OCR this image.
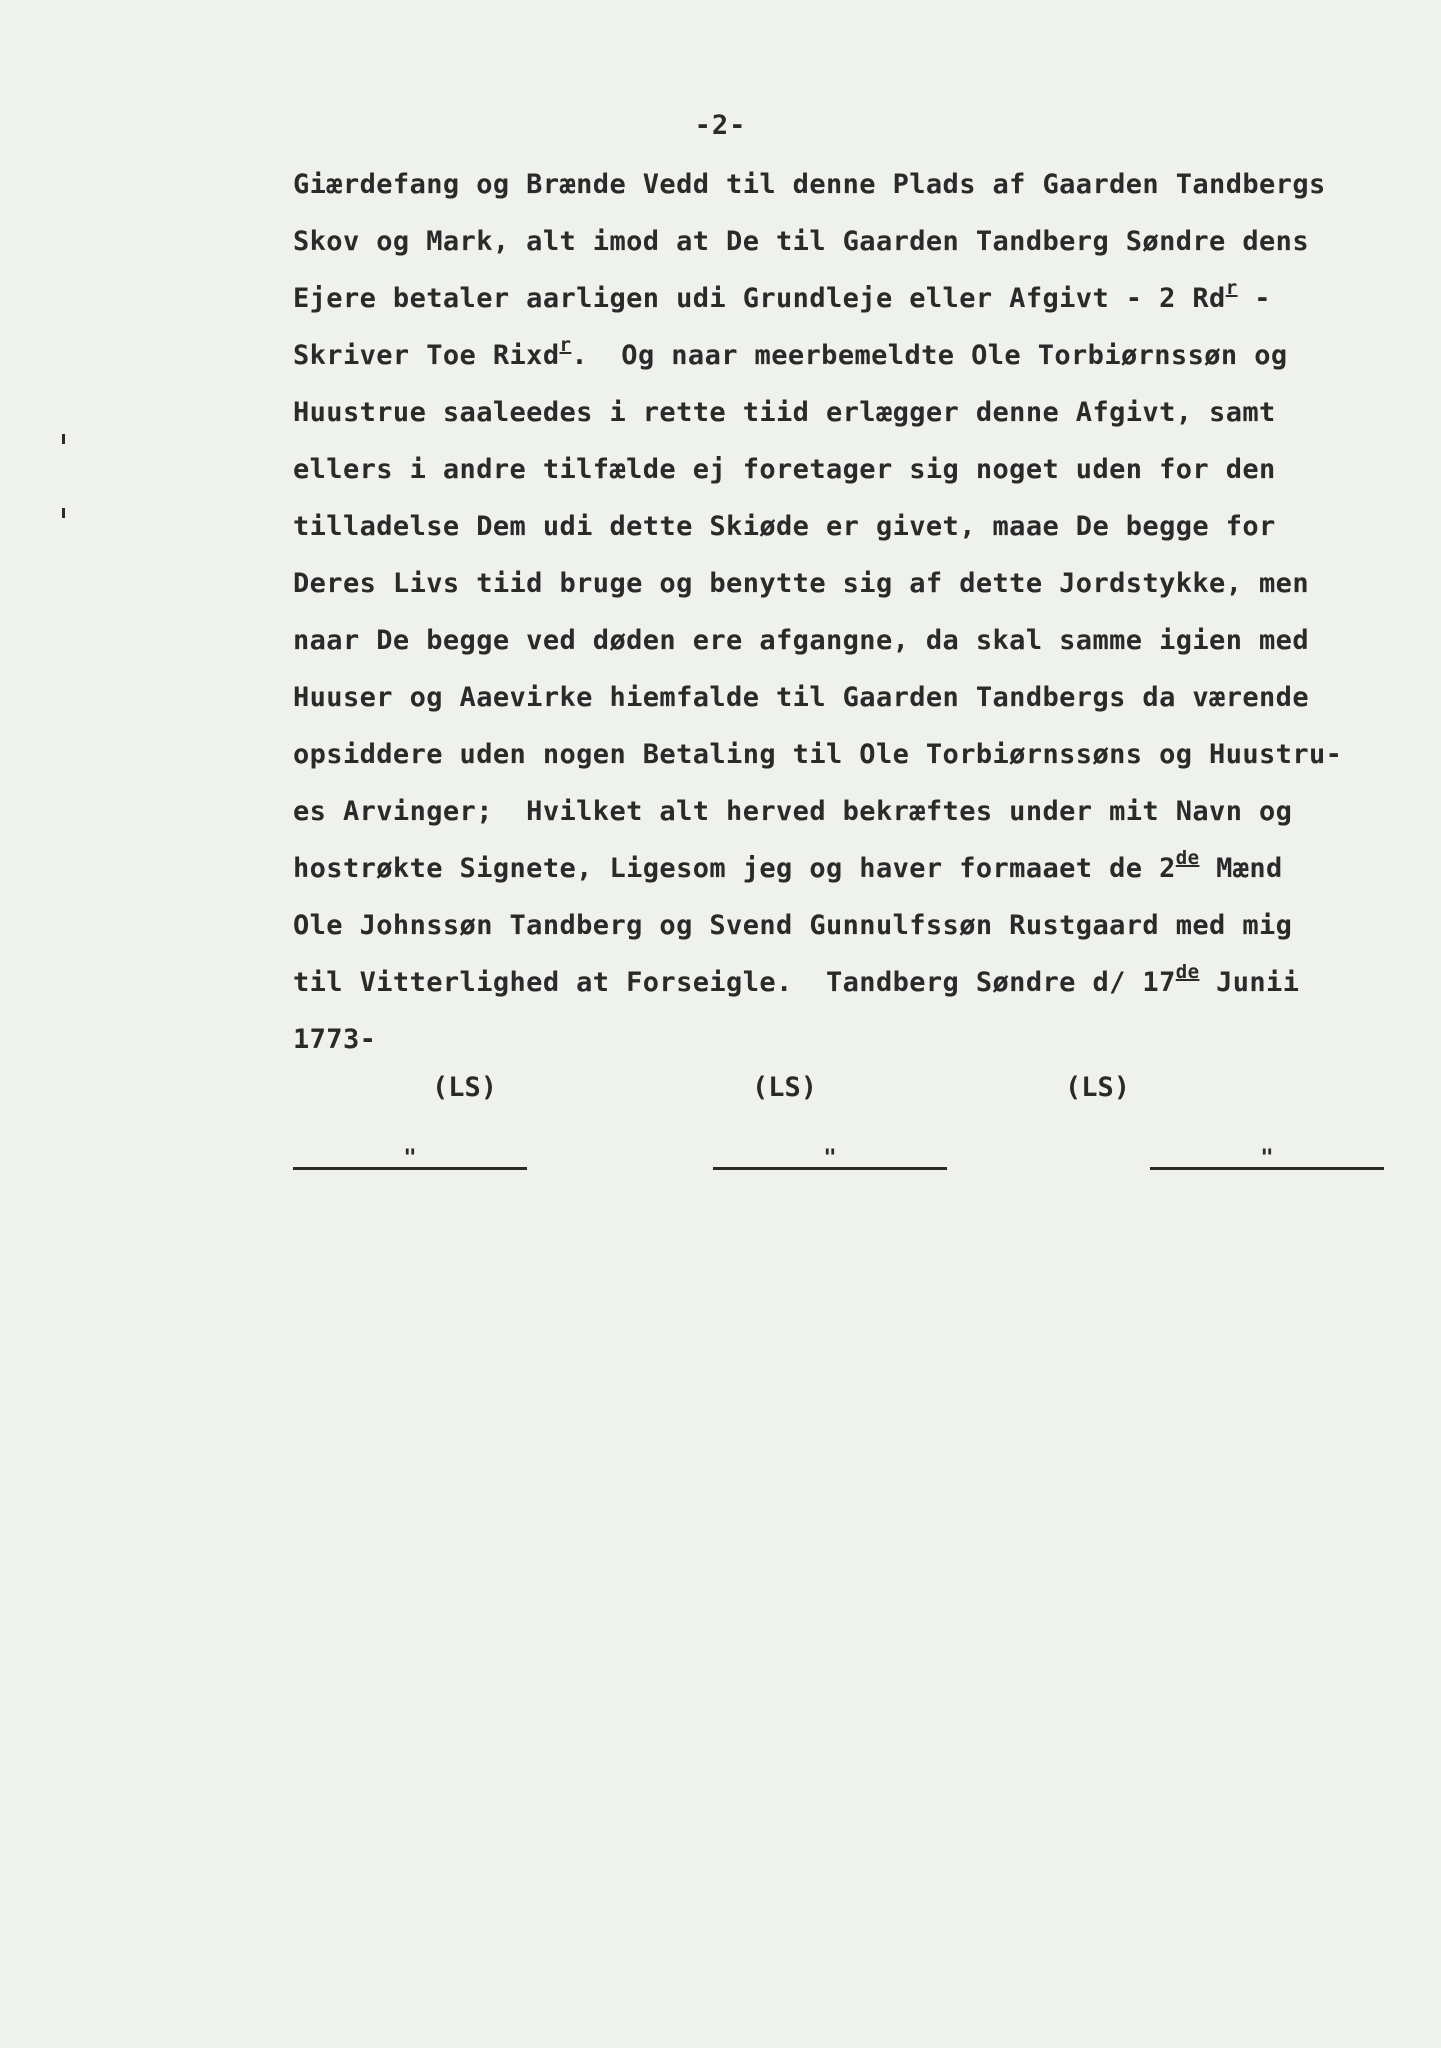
-2-
Giærdefang og Brænde Vedd til denne Plads af Gaarden Tandbergs
Skov og Mark, alt imod at De til Gaarden Tandberg Søndre dens
Ejere betaler aarligen udi Grundleje eller Afgivt - 2 Rd$^r$ -
Skriver Toe Rixd$^r$.  Og naar meerbemeldte Ole Torbiørnssøn og
Huustrue saaleedes i rette tiid erlægger denne Afgivt, samt
ellers i andre tilfælde ej foretager sig noget uden for den
tilladelse Dem udi dette Skiøde er givet, maae De begge for
Deres Livs tiid bruge og benytte sig af dette Jordstykke, men
naar De begge ved døden ere afgangne, da skal samme igien med
Huuser og Aaevirke hiemfalde til Gaarden Tandbergs da værende
opsiddere uden nogen Betaling til Ole Torbiørnssøns og Huustru-
es Arvinger;  Hvilket alt herved bekræftes under mit Navn og
hostrøkte Signete, Ligesom jeg og haver formaaet de 2de Mænd
Ole Johnssøn Tandberg og Svend Gunnulfssøn Rustgaard med mig
til Vitterlighed at Forseigle.  Tandberg Søndre d/ 17de Junii
1773-
(LS)	(LS)	(LS)
"	"	"
